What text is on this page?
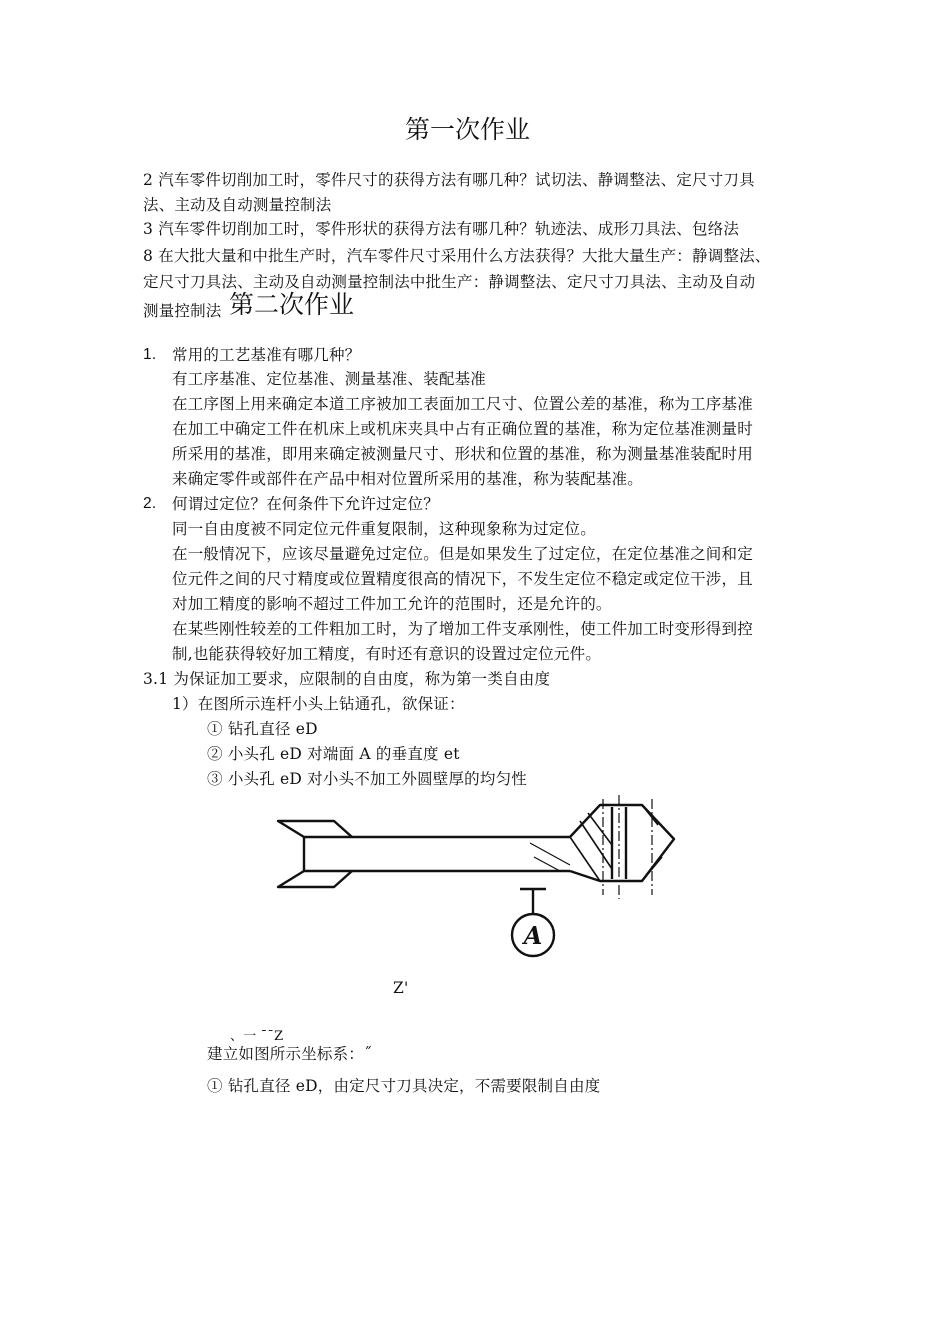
第一次作业
2 汽车零件切削加工时，零件尺寸的获得方法有哪几种？试切法、静调整法、定尺寸刀具
法、主动及自动测量控制法
3 汽车零件切削加工时，零件形状的获得方法有哪几种？轨迹法、成形刀具法、包络法
8 在大批大量和中批生产时，汽车零件尺寸采用什么方法获得？大批大量生产：静调整法、
定尺寸刀具法、主动及自动测量控制法中批生产：静调整法、定尺寸刀具法、主动及自动
测量控制法 第二次作业
1. 常用的工艺基准有哪几种？
有工序基准、定位基准、测量基准、装配基准
在工序图上用来确定本道工序被加工表面加工尺寸、位置公差的基准，称为工序基准
在加工中确定工件在机床上或机床夹具中占有正确位置的基准，称为定位基准测量时
所采用的基准，即用来确定被测量尺寸、形状和位置的基准，称为测量基准装配时用
来确定零件或部件在产品中相对位置所采用的基准，称为装配基准。
2. 何谓过定位？在何条件下允许过定位？
同一自由度被不同定位元件重复限制，这种现象称为过定位。
在一般情况下，应该尽量避免过定位。但是如果发生了过定位，在定位基准之间和定
位元件之间的尺寸精度或位置精度很高的情况下，不发生定位不稳定或定位干涉，且
对加工精度的影响不超过工件加工允许的范围时，还是允许的。
在某些刚性较差的工件粗加工时，为了增加工件支承刚性，使工件加工时变形得到控
制,也能获得较好加工精度，有时还有意识的设置过定位元件。
3.1 为保证加工要求，应限制的自由度，称为第一类自由度
1）在图所示连杆小头上钻通孔，欲保证：
① 钻孔直径 eD
② 小头孔 eD 对端面 A 的垂直度 et
③ 小头孔 eD 对小头不加工外圆壁厚的均匀性
A
Z'
、一 ˉˉZ
建立如图所示坐标系：˝
① 钻孔直径 eD，由定尺寸刀具决定，不需要限制自由度
